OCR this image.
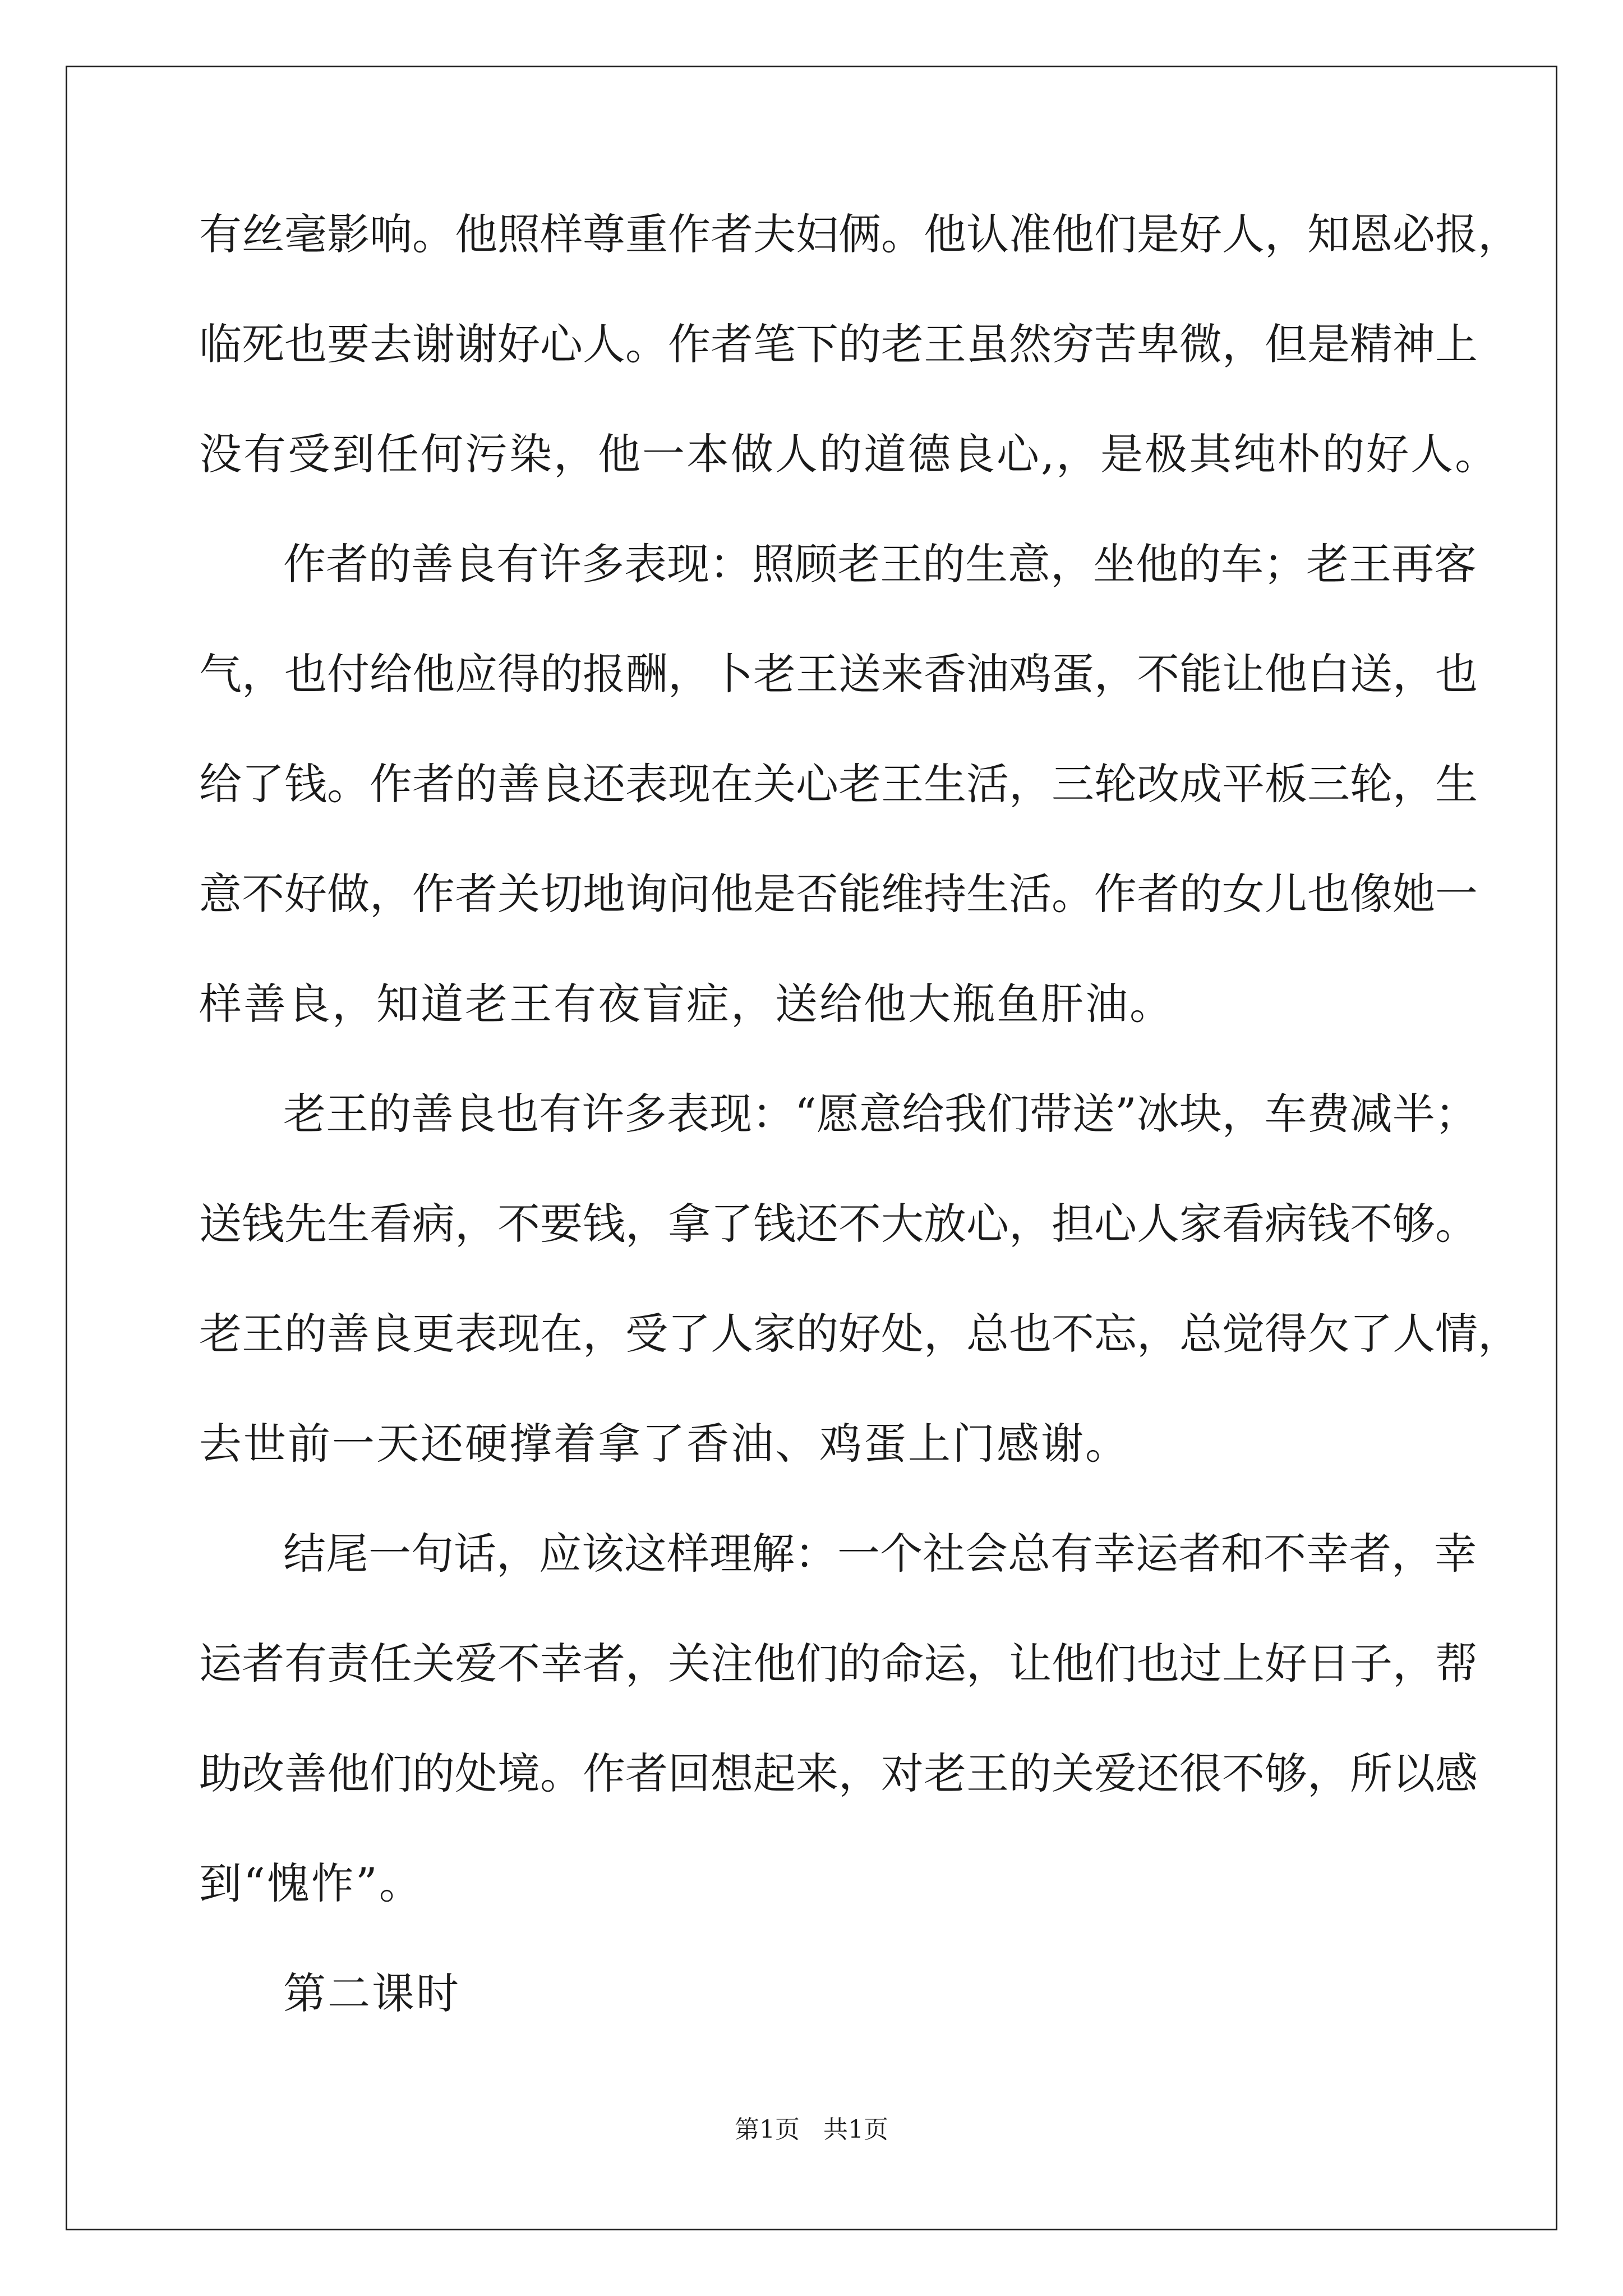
有丝毫影响。他照样尊重作者夫妇俩。他认准他们是好人，知恩必报，
临死也要去谢谢好心人。作者笔下的老王虽然穷苦卑微，但是精神上
没有受到任何污染，他一本做人的道德良心,，是极其纯朴的好人。
作者的善良有许多表现：照顾老王的生意，坐他的车；老王再客
气，也付给他应得的报酬，卜老王送来香油鸡蛋，不能让他白送，也
给了钱。作者的善良还表现在关心老王生活，三轮改成平板三轮，生
意不好做，作者关切地询问他是否能维持生活。作者的女儿也像她一
样善良，知道老王有夜盲症，送给他大瓶鱼肝油。
老王的善良也有许多表现：“愿意给我们带送”冰块，车费减半；
送钱先生看病，不要钱，拿了钱还不大放心，担心人家看病钱不够。
老王的善良更表现在，受了人家的好处，总也不忘，总觉得欠了人情，
去世前一天还硬撑着拿了香油、鸡蛋上门感谢。
结尾一句话，应该这样理解：一个社会总有幸运者和不幸者，幸
运者有责任关爱不幸者，关注他们的命运，让他们也过上好日子，帮
助改善他们的处境。作者回想起来，对老王的关爱还很不够，所以感
到“愧怍”。
第二课时
第1页   共1页
